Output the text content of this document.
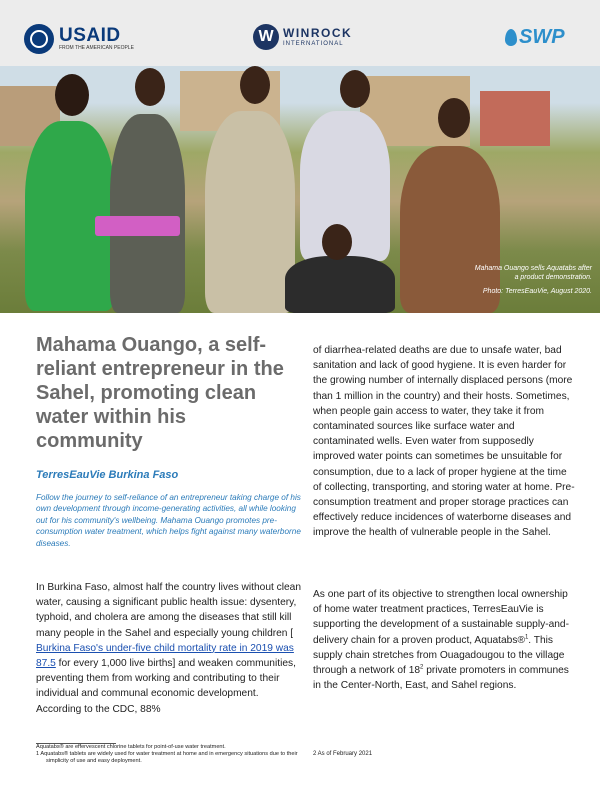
USAID
FROM THE AMERICAN PEOPLE
W WINROCK
INTERNATIONAL	SWP
Mahama Ouango sells Aquatabs after a product demonstration.
Photo: TerresEauVie, August 2020.
Mahama Ouango, a self-reliant entrepreneur in the Sahel, promoting clean water within his community
TerresEauVie Burkina Faso

Follow the journey to self-reliance of an entrepreneur taking charge of his own development through income-generating activities, all while looking out for his community's wellbeing. Mahama Ouango promotes pre-consumption water treatment, which helps fight against many waterborne diseases.

In Burkina Faso, almost half the country lives without clean water, causing a significant public health issue: dysentery, typhoid, and cholera are among the diseases that still kill many people in the Sahel and especially young children [ Burkina Faso's under-five child mortality rate in 2019 was 87.5 for every 1,000 live births] and weaken communities, preventing them from working and contributing to their individual and communal economic development. According to the CDC, 88%

of diarrhea-related deaths are due to unsafe water, bad sanitation and lack of good hygiene. It is even harder for the growing number of internally displaced persons (more than 1 million in the country) and their hosts. Sometimes, when people gain access to water, they take it from contaminated sources like surface water and contaminated wells. Even water from supposedly improved water points can sometimes be unsuitable for consumption, due to a lack of proper hygiene at the time of collecting, transporting, and storing water at home. Pre-consumption treatment and proper storage practices can effectively reduce incidences of waterborne diseases and improve the health of vulnerable people in the Sahel.

As one part of its objective to strengthen local ownership of home water treatment practices, TerresEauVie is supporting the development of a sustainable supply-and-delivery chain for a proven product, Aquatabs®$^1$. This supply chain stretches from Ouagadougou to the village through a network of $18^2$ private promoters in communes in the Center-North, East, and Sahel regions.

Aquatabs® are effervescent chlorine tablets for point-of-use water treatment.
1 Aquatabs® tablets are widely used for water treatment at home and in emergency situations due to their simplicity of use and easy deployment.
2 As of February 2021
